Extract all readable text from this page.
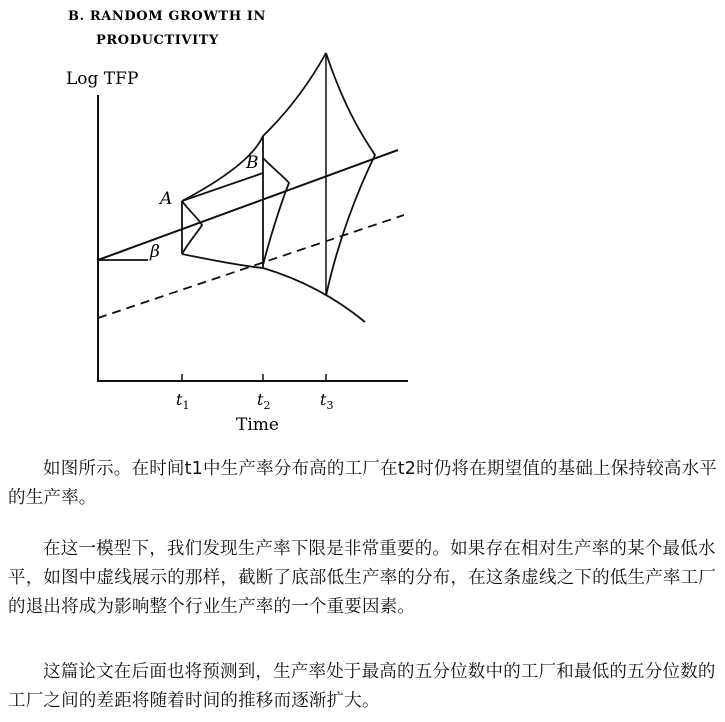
B. RANDOM GROWTH IN
PRODUCTIVITY
Log TFP
$t_1$	$t_2$	$t_3$
Time
β
A
B
如图所示。在时间t1中生产率分布高的工厂在t2时仍将在期望值的基础上保持较高水平的生产率。
在这一模型下，我们发现生产率下限是非常重要的。如果存在相对生产率的某个最低水平，如图中虚线展示的那样，截断了底部低生产率的分布，在这条虚线之下的低生产率工厂的退出将成为影响整个行业生产率的一个重要因素。
这篇论文在后面也将预测到，生产率处于最高的五分位数中的工厂和最低的五分位数的工厂之间的差距将随着时间的推移而逐渐扩大。
